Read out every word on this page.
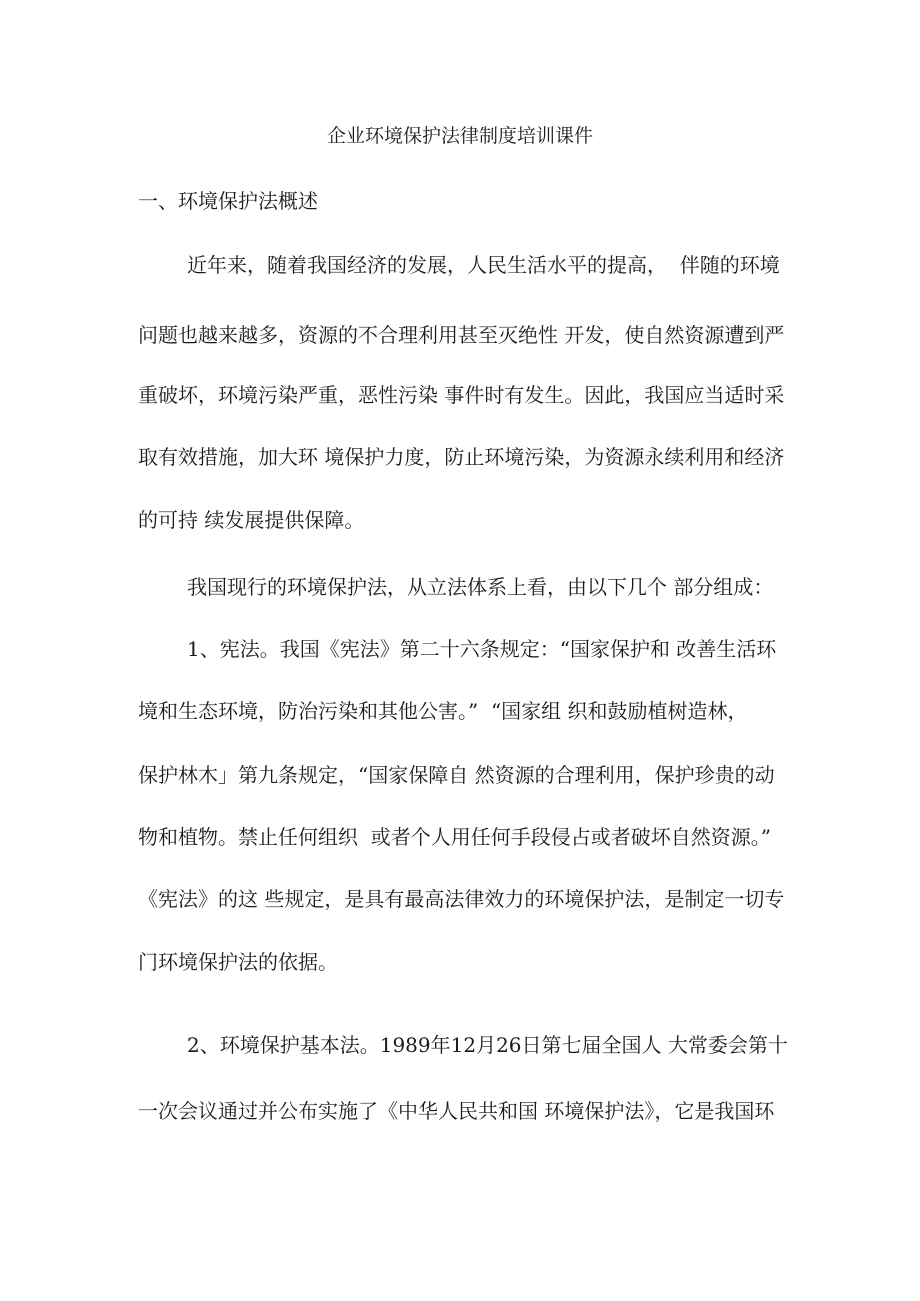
企业环境保护法律制度培训课件
一、环境保护法概述
近年来，随着我国经济的发展，人民生活水平的提高，  伴随的环境
问题也越来越多，资源的不合理利用甚至灭绝性 开发，使自然资源遭到严
重破坏，环境污染严重，恶性污染 事件时有发生。因此，我国应当适时采
取有效措施，加大环 境保护力度，防止环境污染，为资源永续利用和经济
的可持 续发展提供保障。
我国现行的环境保护法，从立法体系上看，由以下几个 部分组成：
1、宪法。我国《宪法》第二十六条规定：“国家保护和 改善生活环
境和生态环境，防治污染和其他公害。”  “国家组 织和鼓励植树造林，
保护林木」第九条规定，“国家保障自 然资源的合理利用，保护珍贵的动
物和植物。禁止任何组织  或者个人用任何手段侵占或者破坏自然资源。”
《宪法》的这 些规定，是具有最高法律效力的环境保护法，是制定一切专
门环境保护法的依据。
2、环境保护基本法。1989年12月26日第七届全国人 大常委会第十
一次会议通过并公布实施了《中华人民共和国 环境保护法》，它是我国环
